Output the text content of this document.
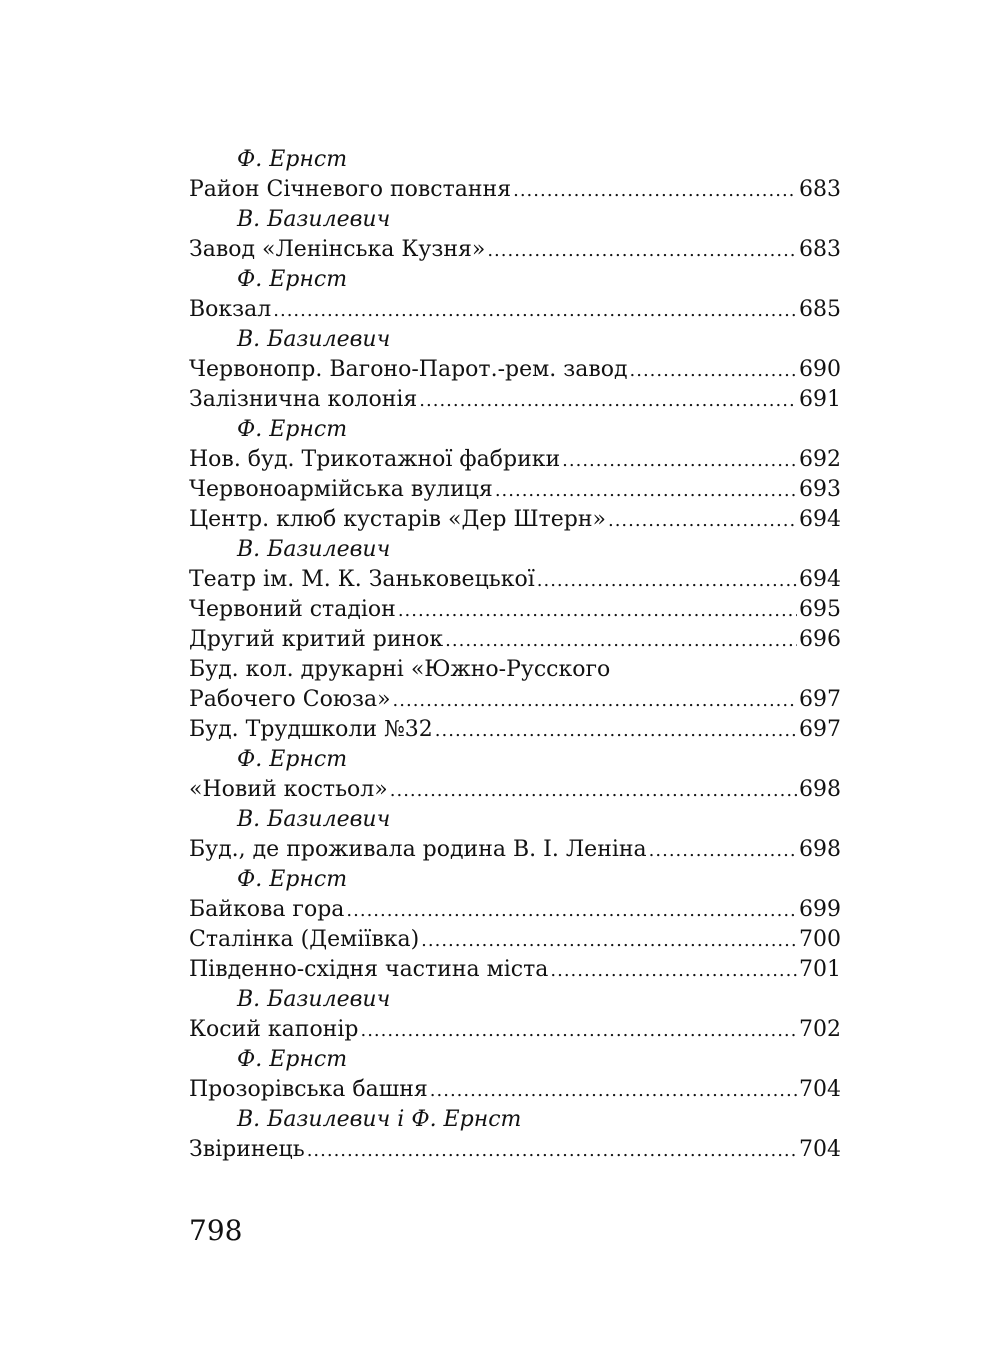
Ф. Ернст
Район Січневого повстання .....	683
В. Базилевич
Завод «Ленінська Кузня» .....	683
Ф. Ернст
Вокзал .....	685
В. Базилевич
Червонопр. Вагоно-Парот.-рем. завод .....	690
Залізнична колонія .....	691
Ф. Ернст
Нов. буд. Трикотажної фабрики .....	692
Червоноармійська вулиця .....	693
Центр. клюб кустарів «Дер Штерн» .....	694
В. Базилевич
Театр ім. М. К. Заньковецької .....	694
Червоний стадіон .....	695
Другий критий ринок .....	696
Буд. кол. друкарні «Южно-Русского
Рабочего Союза» .....	697
Буд. Трудшколи №32 .....	697
Ф. Ернст
«Новий костьол» .....	698
В. Базилевич
Буд., де проживала родина В. І. Леніна .....	698
Ф. Ернст
Байкова гора .....	699
Сталінка (Деміївка) .....	700
Південно-східня частина міста .....	701
В. Базилевич
Косий капонір .....	702
Ф. Ернст
Прозорівська башня .....	704
В. Базилевич і Ф. Ернст
Звіринець .....	704
798
